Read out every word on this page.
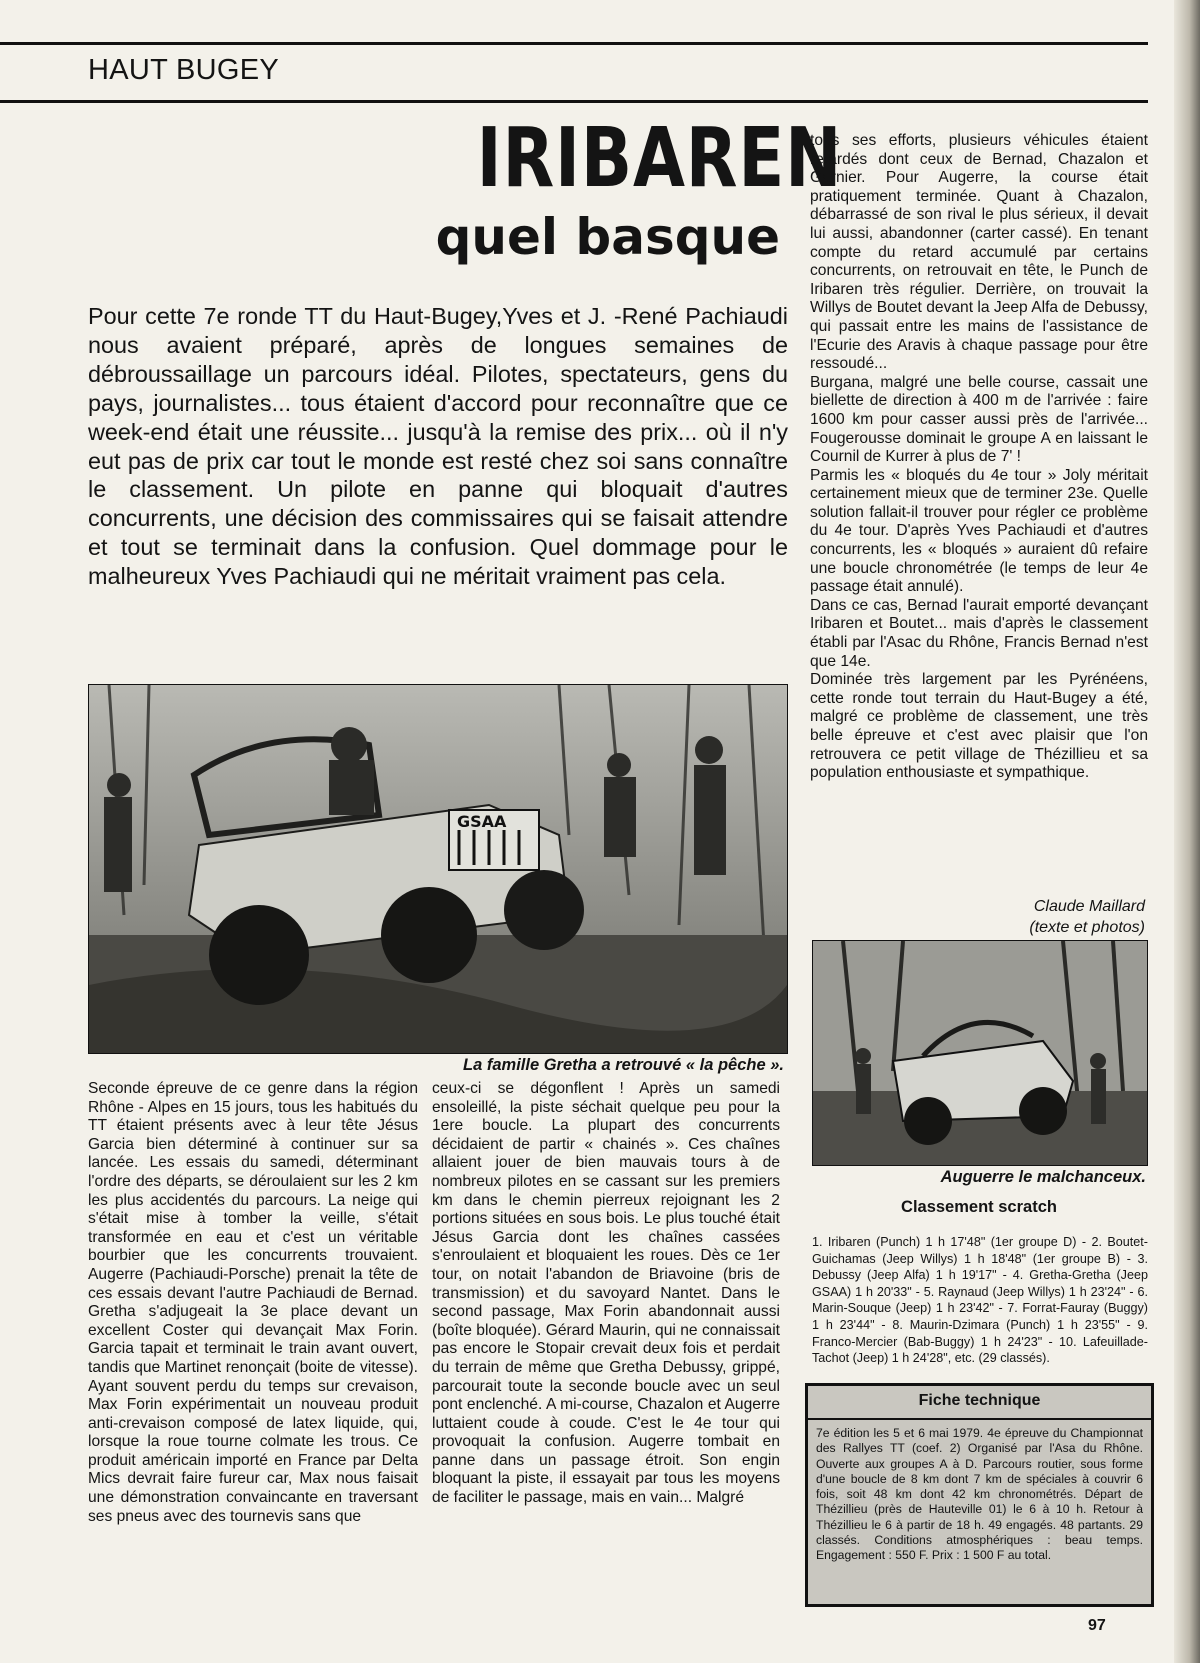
HAUT BUGEY
IRIBAREN
quel basque
Pour cette 7e ronde TT du Haut-Bugey,Yves et J. -René Pachiaudi nous avaient préparé, après de longues semaines de débroussaillage un parcours idéal. Pilotes, spectateurs, gens du pays, journalistes... tous étaient d'accord pour reconnaître que ce week-end était une réussite... jusqu'à la remise des prix... où il n'y eut pas de prix car tout le monde est resté chez soi sans connaître le classement. Un pilote en panne qui bloquait d'autres concurrents, une décision des commissaires qui se faisait attendre et tout se terminait dans la confusion. Quel dommage pour le malheureux Yves Pachiaudi qui ne méritait vraiment pas cela.
GSAA
La famille Gretha a retrouvé « la pêche ».

Seconde épreuve de ce genre dans la région Rhône - Alpes en 15 jours, tous les habitués du TT étaient présents avec à leur tête Jésus Garcia bien déterminé à continuer sur sa lancée. Les essais du samedi, déterminant l'ordre des départs, se déroulaient sur les 2 km les plus accidentés du parcours. La neige qui s'était mise à tomber la veille, s'était transformée en eau et c'est un véritable bourbier que les concurrents trouvaient. Augerre (Pachiaudi-Porsche) prenait la tête de ces essais devant l'autre Pachiaudi de Bernad. Gretha s'adjugeait la 3e place devant un excellent Coster qui devançait Max Forin. Garcia tapait et terminait le train avant ouvert, tandis que Martinet renonçait (boite de vitesse). Ayant souvent perdu du temps sur crevaison, Max Forin expérimentait un nouveau produit anti-crevaison composé de latex liquide, qui, lorsque la roue tourne colmate les trous. Ce produit américain importé en France par Delta Mics devrait faire fureur car, Max nous faisait une démonstration convaincante en traversant ses pneus avec des tournevis sans que

ceux-ci se dégonflent ! Après un samedi ensoleillé, la piste séchait quelque peu pour la 1ere boucle. La plupart des concurrents décidaient de partir « chainés ». Ces chaînes allaient jouer de bien mauvais tours à de nombreux pilotes en se cassant sur les premiers km dans le chemin pierreux rejoignant les 2 portions situées en sous bois. Le plus touché était Jésus Garcia dont les chaînes cassées s'enroulaient et bloquaient les roues. Dès ce 1er tour, on notait l'abandon de Briavoine (bris de transmission) et du savoyard Nantet. Dans le second passage, Max Forin abandonnait aussi (boîte bloquée). Gérard Maurin, qui ne connaissait pas encore le Stopair crevait deux fois et perdait du terrain de même que Gretha Debussy, grippé, parcourait toute la seconde boucle avec un seul pont enclenché. A mi-course, Chazalon et Augerre luttaient coude à coude. C'est le 4e tour qui provoquait la confusion. Augerre tombait en panne dans un passage étroit. Son engin bloquant la piste, il essayait par tous les moyens de faciliter le passage, mais en vain... Malgré

tous ses efforts, plusieurs véhicules étaient retardés dont ceux de Bernad, Chazalon et Garnier. Pour Augerre, la course était pratiquement terminée. Quant à Chazalon, débarrassé de son rival le plus sérieux, il devait lui aussi, abandonner (carter cassé). En tenant compte du retard accumulé par certains concurrents, on retrouvait en tête, le Punch de Iribaren très régulier. Derrière, on trouvait la Willys de Boutet devant la Jeep Alfa de Debussy, qui passait entre les mains de l'assistance de l'Ecurie des Aravis à chaque passage pour être ressoudé...

Burgana, malgré une belle course, cassait une biellette de direction à 400 m de l'arrivée : faire 1600 km pour casser aussi près de l'arrivée... Fougerousse dominait le groupe A en laissant le Cournil de Kurrer à plus de 7' !

Parmis les « bloqués du 4e tour » Joly méritait certainement mieux que de terminer 23e. Quelle solution fallait-il trouver pour régler ce problème du 4e tour. D'après Yves Pachiaudi et d'autres concurrents, les « bloqués » auraient dû refaire une boucle chronométrée (le temps de leur 4e passage était annulé).

Dans ce cas, Bernad l'aurait emporté devançant Iribaren et Boutet... mais d'après le classement établi par l'Asac du Rhône, Francis Bernad n'est que 14e.

Dominée très largement par les Pyrénéens, cette ronde tout terrain du Haut-Bugey a été, malgré ce problème de classement, une très belle épreuve et c'est avec plaisir que l'on retrouvera ce petit village de Thézillieu et sa population enthousiaste et sympathique.

Claude Maillard
(texte et photos)
Auguerre le malchanceux.
Classement scratch
1. Iribaren (Punch) 1 h 17'48" (1er groupe D) - 2. Boutet-Guichamas (Jeep Willys) 1 h 18'48" (1er groupe B) - 3. Debussy (Jeep Alfa) 1 h 19'17" - 4. Gretha-Gretha (Jeep GSAA) 1 h 20'33" - 5. Raynaud (Jeep Willys) 1 h 23'24" - 6. Marin-Souque (Jeep) 1 h 23'42" - 7. Forrat-Fauray (Buggy) 1 h 23'44" - 8. Maurin-Dzimara (Punch) 1 h 23'55" - 9. Franco-Mercier (Bab-Buggy) 1 h 24'23" - 10. Lafeuillade-Tachot (Jeep) 1 h 24'28", etc. (29 classés).
Fiche technique
7e édition les 5 et 6 mai 1979. 4e épreuve du Championnat des Rallyes TT (coef. 2) Organisé par l'Asa du Rhône. Ouverte aux groupes A à D. Parcours routier, sous forme d'une boucle de 8 km dont 7 km de spéciales à couvrir 6 fois, soit 48 km dont 42 km chronométrés. Départ de Thézillieu (près de Hauteville 01) le 6 à 10 h. Retour à Thézillieu le 6 à partir de 18 h. 49 engagés. 48 partants. 29 classés. Conditions atmosphériques : beau temps. Engagement : 550 F. Prix : 1 500 F au total.
97
